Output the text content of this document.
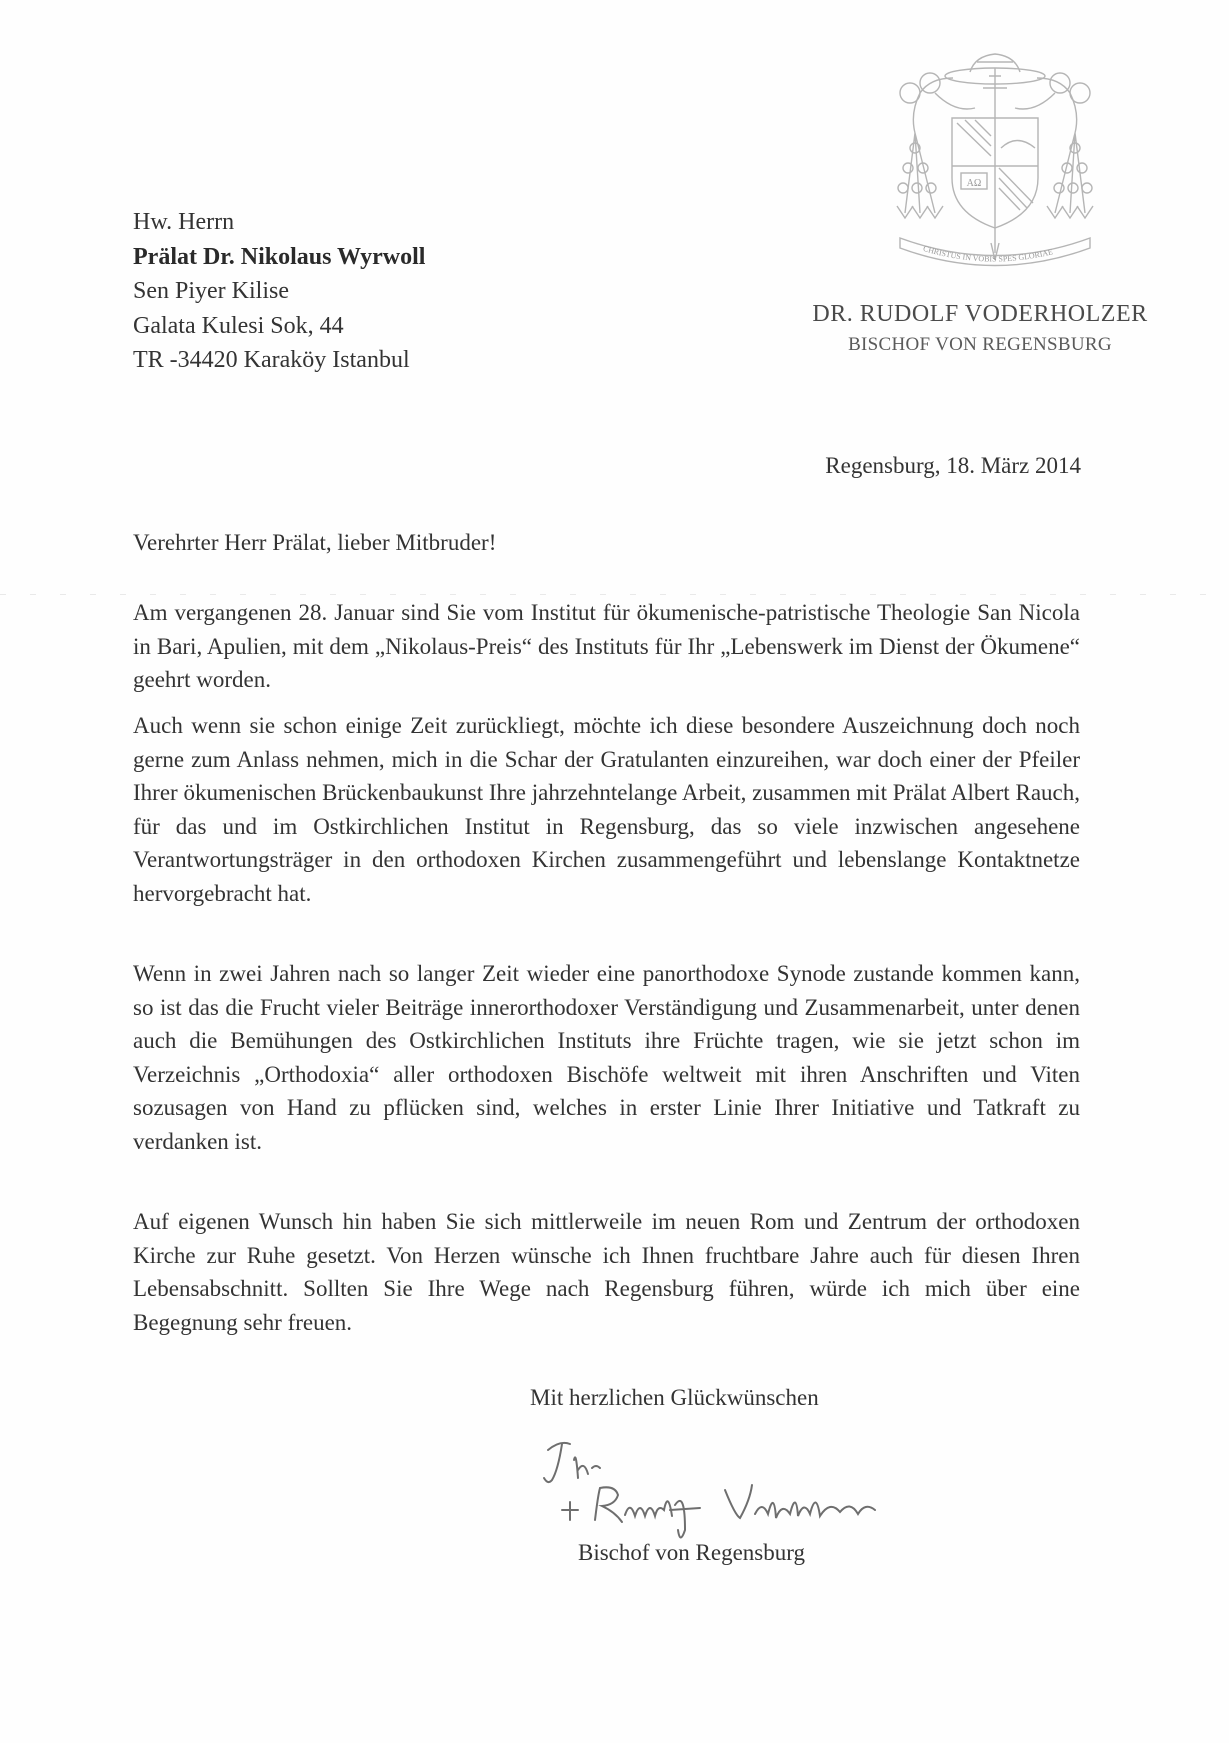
AΩ
CHRISTUS IN VOBIS SPES GLORIAE
DR. RUDOLF VODERHOLZER
BISCHOF VON REGENSBURG
Hw. Herrn
Prälat Dr. Nikolaus Wyrwoll
Sen Piyer Kilise
Galata Kulesi Sok, 44
TR -34420 Karaköy Istanbul
Regensburg, 18. März 2014
Verehrter Herr Prälat, lieber Mitbruder!

Am vergangenen 28. Januar sind Sie vom Institut für ökumenische-patristische Theologie San Nicola in Bari, Apulien, mit dem „Nikolaus-Preis“ des Instituts für Ihr „Lebenswerk im Dienst der Ökumene“ geehrt worden.

Auch wenn sie schon einige Zeit zurückliegt, möchte ich diese besondere Auszeichnung doch noch gerne zum Anlass nehmen, mich in die Schar der Gratulanten einzureihen, war doch einer der Pfeiler Ihrer ökumenischen Brückenbaukunst Ihre jahrzehntelange Arbeit, zusammen mit Prälat Albert Rauch, für das und im Ostkirchlichen Institut in Regensburg, das so viele inzwischen angesehene Verantwortungsträger in den orthodoxen Kirchen zusammengeführt und lebenslange Kontaktnetze hervorgebracht hat.

Wenn in zwei Jahren nach so langer Zeit wieder eine panorthodoxe Synode zustande kommen kann, so ist das die Frucht vieler Beiträge innerorthodoxer Verständigung und Zusammenarbeit, unter denen auch die Bemühungen des Ostkirchlichen Instituts ihre Früchte tragen, wie sie jetzt schon im Verzeichnis „Orthodoxia“ aller orthodoxen Bischöfe weltweit mit ihren Anschriften und Viten sozusagen von Hand zu pflücken sind, welches in erster Linie Ihrer Initiative und Tatkraft zu verdanken ist.

Auf eigenen Wunsch hin haben Sie sich mittlerweile im neuen Rom und Zentrum der orthodoxen Kirche zur Ruhe gesetzt. Von Herzen wünsche ich Ihnen fruchtbare Jahre auch für diesen Ihren Lebensabschnitt. Sollten Sie Ihre Wege nach Regensburg führen, würde ich mich über eine Begegnung sehr freuen.

Mit herzlichen Glückwünschen
Bischof von Regensburg
